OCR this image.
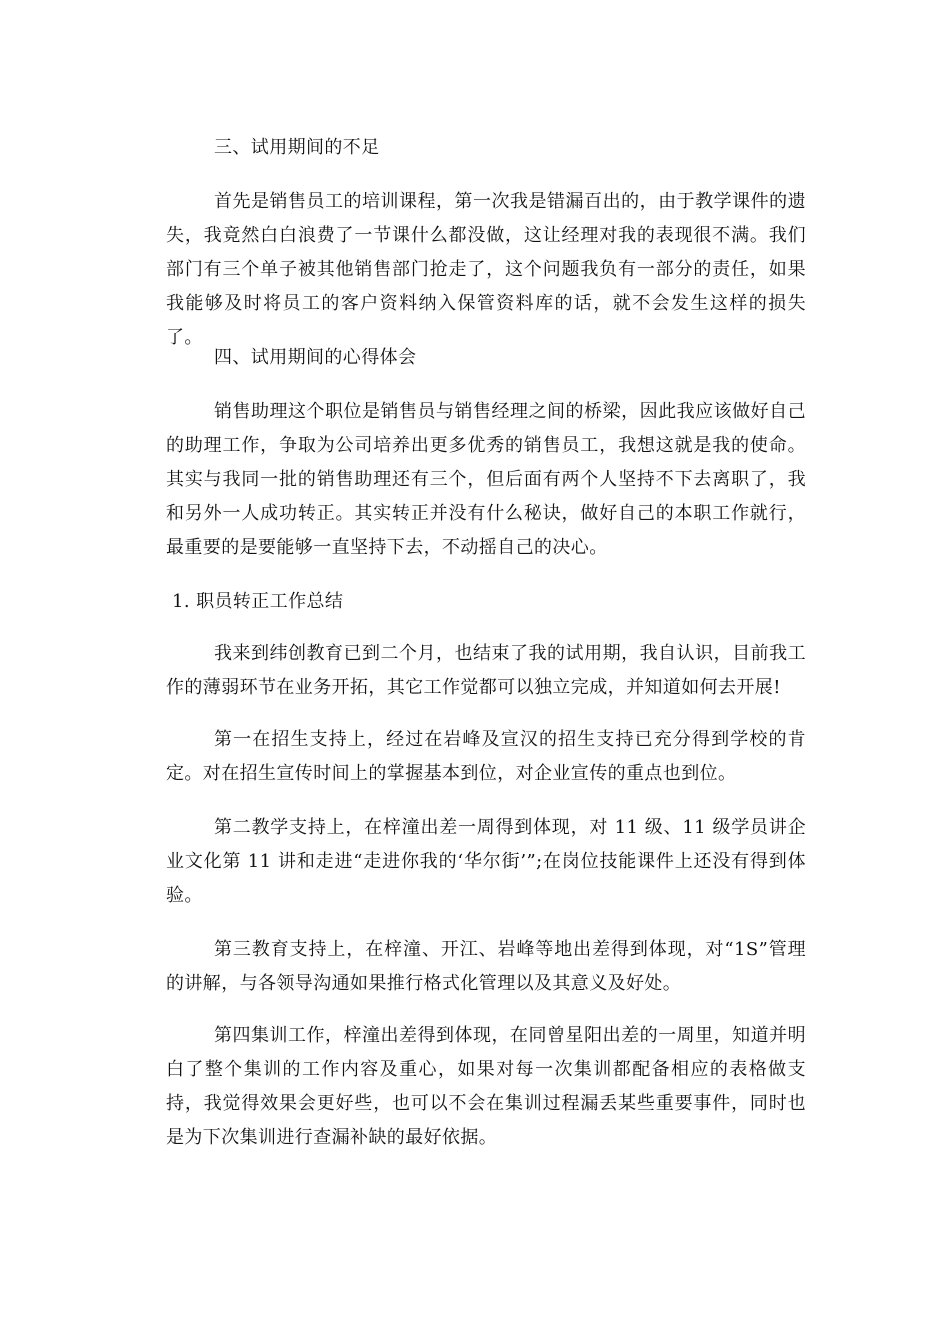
三、试用期间的不足

首先是销售员工的培训课程，第一次我是错漏百出的，由于教学课件的遗失，我竟然白白浪费了一节课什么都没做，这让经理对我的表现很不满。我们部门有三个单子被其他销售部门抢走了，这个问题我负有一部分的责任，如果我能够及时将员工的客户资料纳入保管资料库的话，就不会发生这样的损失了。

四、试用期间的心得体会

销售助理这个职位是销售员与销售经理之间的桥梁，因此我应该做好自己的助理工作，争取为公司培养出更多优秀的销售员工，我想这就是我的使命。其实与我同一批的销售助理还有三个，但后面有两个人坚持不下去离职了，我和另外一人成功转正。其实转正并没有什么秘诀，做好自己的本职工作就行，最重要的是要能够一直坚持下去，不动摇自己的决心。

1. 职员转正工作总结

我来到纬创教育已到二个月，也结束了我的试用期，我自认识，目前我工作的薄弱环节在业务开拓，其它工作觉都可以独立完成，并知道如何去开展!

第一在招生支持上，经过在岩峰及宣汉的招生支持已充分得到学校的肯定。对在招生宣传时间上的掌握基本到位，对企业宣传的重点也到位。

第二教学支持上，在梓潼出差一周得到体现，对 11 级、11 级学员讲企业文化第 11 讲和走进“走进你我的‘华尔街’”;在岗位技能课件上还没有得到体验。

第三教育支持上，在梓潼、开江、岩峰等地出差得到体现，对“1S”管理的讲解，与各领导沟通如果推行格式化管理以及其意义及好处。

第四集训工作，梓潼出差得到体现，在同曾星阳出差的一周里，知道并明白了整个集训的工作内容及重心，如果对每一次集训都配备相应的表格做支持，我觉得效果会更好些，也可以不会在集训过程漏丢某些重要事件，同时也是为下次集训进行查漏补缺的最好依据。
